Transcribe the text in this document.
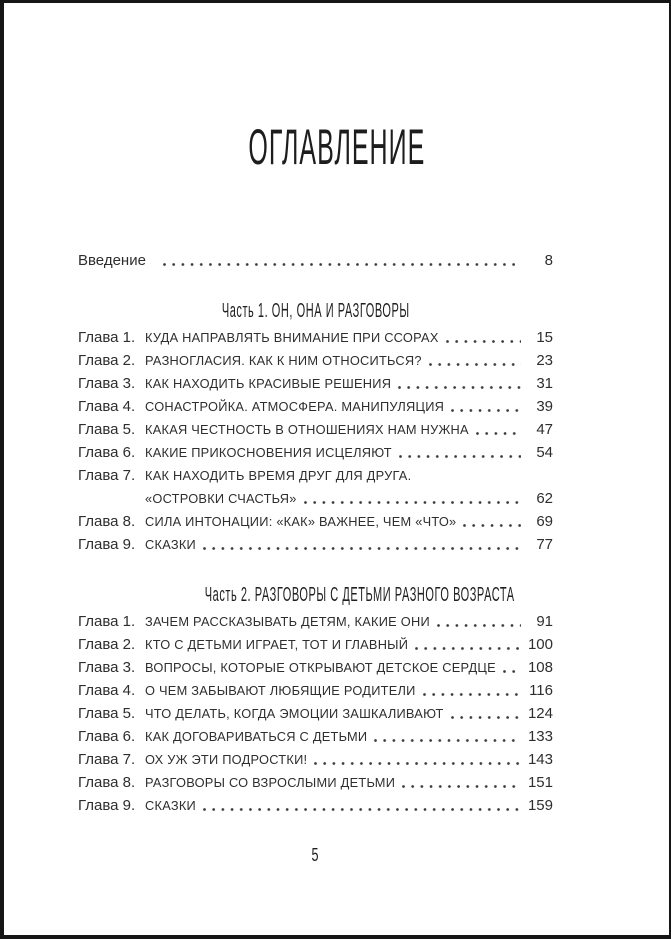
ОГЛАВЛЕНИЕ
Введение	8
Часть 1. ОН, ОНА И РАЗГОВОРЫ
Глава 1. КУДА НАПРАВЛЯТЬ ВНИМАНИЕ ПРИ ССОРАХ	15
Глава 2. РАЗНОГЛАСИЯ. КАК К НИМ ОТНОСИТЬСЯ?	23
Глава 3. КАК НАХОДИТЬ КРАСИВЫЕ РЕШЕНИЯ	31
Глава 4. СОНАСТРОЙКА. АТМОСФЕРА. МАНИПУЛЯЦИЯ	39
Глава 5. КАКАЯ ЧЕСТНОСТЬ В ОТНОШЕНИЯХ НАМ НУЖНА	47
Глава 6. КАКИЕ ПРИКОСНОВЕНИЯ ИСЦЕЛЯЮТ	54
Глава 7. КАК НАХОДИТЬ ВРЕМЯ ДРУГ ДЛЯ ДРУГА.
«ОСТРОВКИ СЧАСТЬЯ»	62
Глава 8. СИЛА ИНТОНАЦИИ: «КАК» ВАЖНЕЕ, ЧЕМ «ЧТО»	69
Глава 9. СКАЗКИ	77
Часть 2. РАЗГОВОРЫ С ДЕТЬМИ РАЗНОГО ВОЗРАСТА
Глава 1. ЗАЧЕМ РАССКАЗЫВАТЬ ДЕТЯМ, КАКИЕ ОНИ	91
Глава 2. КТО С ДЕТЬМИ ИГРАЕТ, ТОТ И ГЛАВНЫЙ	100
Глава 3. ВОПРОСЫ, КОТОРЫЕ ОТКРЫВАЮТ ДЕТСКОЕ СЕРДЦЕ 108
Глава 4. О ЧЕМ ЗАБЫВАЮТ ЛЮБЯЩИЕ РОДИТЕЛИ	116
Глава 5. ЧТО ДЕЛАТЬ, КОГДА ЭМОЦИИ ЗАШКАЛИВАЮТ	124
Глава 6. КАК ДОГОВАРИВАТЬСЯ С ДЕТЬМИ	133
Глава 7. ОХ УЖ ЭТИ ПОДРОСТКИ!	143
Глава 8. РАЗГОВОРЫ СО ВЗРОСЛЫМИ ДЕТЬМИ	151
Глава 9. СКАЗКИ	159
5
